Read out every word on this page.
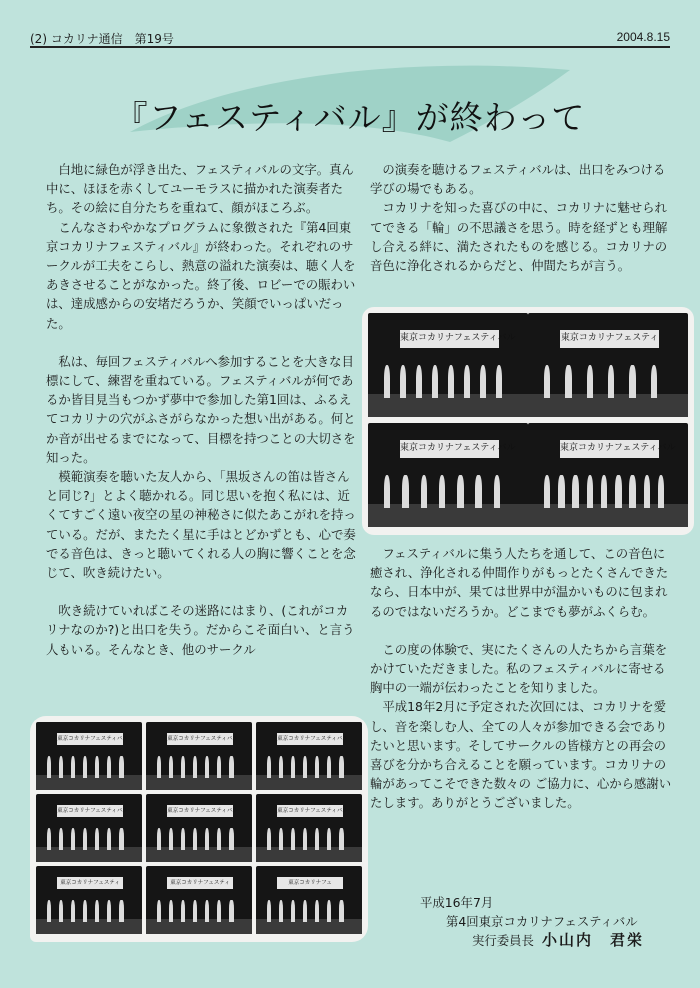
(2) コカリナ通信　第19号	2004.8.15
『フェスティバル』が終わって

白地に緑色が浮き出た、フェスティバルの文字。真ん中に、ほほを赤くしてユーモラスに描かれた演奏者たち。その絵に自分たちを重ねて、顔がほころぶ。

こんなさわやかなプログラムに象徴された『第4回東京コカリナフェスティバル』が終わった。それぞれのサークルが工夫をこらし、熱意の溢れた演奏は、聴く人をあきさせることがなかった。終了後、ロビーでの賑わいは、達成感からの安堵だろうか、笑顔でいっぱいだった。

私は、毎回フェスティバルへ参加することを大きな目標にして、練習を重ねている。フェスティバルが何であるか皆目見当もつかず夢中で参加した第1回は、ふるえてコカリナの穴がふさがらなかった想い出がある。何とか音が出せるまでになって、目標を持つことの大切さを知った。

模範演奏を聴いた友人から、「黒坂さんの笛は皆さんと同じ?」とよく聴かれる。同じ思いを抱く私には、近くてすごく遠い夜空の星の神秘さに似たあこがれを持っている。だが、またたく星に手はとどかずとも、心で奏でる音色は、きっと聴いてくれる人の胸に響くことを念じて、吹き続けたい。

吹き続けていればこその迷路にはまり、(これがコカリナなのか?)と出口を失う。だからこそ面白い、と言う人もいる。そんなとき、他のサークル

の演奏を聴けるフェスティバルは、出口をみつける学びの場でもある。

コカリナを知った喜びの中に、コカリナに魅せられてできる「輪」の不思議さを思う。時を経ずとも理解し合える絆に、満たされたものを感じる。コカリナの音色に浄化されるからだと、仲間たちが言う。

フェスティバルに集う人たちを通して、この音色に癒され、浄化される仲間作りがもっとたくさんできたなら、日本中が、果ては世界中が温かいものに包まれるのではないだろうか。どこまでも夢がふくらむ。

この度の体験で、実にたくさんの人たちから言葉をかけていただきました。私のフェスティバルに寄せる胸中の一端が伝わったことを知りました。

平成18年2月に予定された次回には、コカリナを愛し、音を楽しむ人、全ての人々が参加できる会でありたいと思います。そしてサークルの皆様方との再会の喜びを分かち合えることを願っています。コカリナの輪があってこそできた数々の ご協力に、心から感謝いたします。ありがとうございました。

東京コカリナフェスティバル	東京コカリナフェスティ
東京コカリナフェスティバル	東京コカリナフェスティバル
東京コカリナフェスティバル	東京コカリナフェスティバル	東京コカリナフェスティバル
東京コカリナフェスティバル	東京コカリナフェスティバル	東京コカリナフェスティバル
東京コカリナフェスティ	東京コカリナフェスティ	東京コカリナフェ
平成16年7月
第4回東京コカリナフェスティバル
実行委員長 小山内　君栄
